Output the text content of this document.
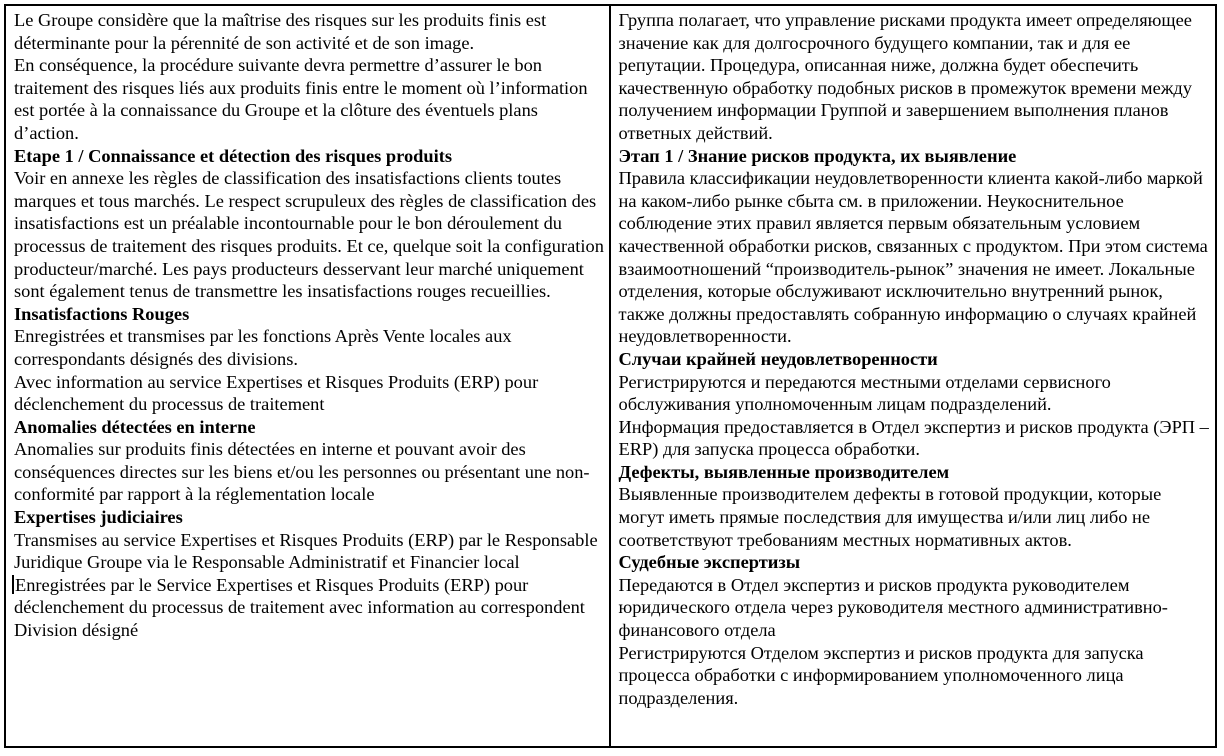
Le Groupe considère que la maîtrise des risques sur les produits finis est déterminante pour la pérennité de son activité et de son image.
En conséquence, la procédure suivante devra permettre d’assurer le bon traitement des risques liés aux produits finis entre le moment où l’information est portée à la connaissance du Groupe et la clôture des éventuels plans d’action.
Etape 1 / Connaissance et détection des risques produits
Voir en annexe les règles de classification des insatisfactions clients toutes marques et tous marchés. Le respect scrupuleux des règles de classification des insatisfactions est un préalable incontournable pour le bon déroulement du processus de traitement des risques produits. Et ce, quelque soit la configuration producteur/marché. Les pays producteurs desservant leur marché uniquement sont également tenus de transmettre les insatisfactions rouges recueillies.
Insatisfactions Rouges
Enregistrées et transmises par les fonctions Après Vente locales aux correspondants désignés des divisions.
Avec information au service Expertises et Risques Produits (ERP) pour déclenchement du processus de traitement
Anomalies détectées en interne
Anomalies sur produits finis détectées en interne et pouvant avoir des conséquences directes sur les biens et/ou les personnes ou présentant une non-conformité par rapport à la réglementation locale
Expertises judiciaires
Transmises au service Expertises et Risques Produits (ERP) par le Responsable Juridique Groupe via le Responsable Administratif et Financier local
Enregistrées par le Service Expertises et Risques Produits (ERP) pour déclenchement du processus de traitement avec information au correspondent Division désigné
Группа полагает, что управление рисками продукта имеет определяющее значение как для долгосрочного будущего компании, так и для ее репутации. Процедура, описанная ниже, должна будет обеспечить качественную обработку подобных рисков в промежуток времени между получением информации Группой и завершением выполнения планов ответных действий.
Этап 1 / Знание рисков продукта, их выявление
Правила классификации неудовлетворенности клиента какой-либо маркой на каком-либо рынке сбыта см. в приложении. Неукоснительное соблюдение этих правил является первым обязательным условием качественной обработки рисков, связанных с продуктом. При этом система взаимоотношений “производитель-рынок” значения не имеет. Локальные отделения, которые обслуживают исключительно внутренний рынок, также должны предоставлять собранную информацию о случаях крайней неудовлетворенности.
Случаи крайней неудовлетворенности
Регистрируются и передаются местными отделами сервисного обслуживания уполномоченным лицам подразделений.
Информация предоставляется в Отдел экспертиз и рисков продукта (ЭРП – ERP) для запуска процесса обработки.
Дефекты, выявленные производителем
Выявленные производителем дефекты в готовой продукции, которые могут иметь прямые последствия для имущества и/или лиц либо не соответствуют требованиям местных нормативных актов.
Судебные экспертизы
Передаются в Отдел экспертиз и рисков продукта руководителем юридического отдела через руководителя местного административно-финансового отдела
Регистрируются Отделом экспертиз и рисков продукта для запуска процесса обработки с информированием уполномоченного лица подразделения.
